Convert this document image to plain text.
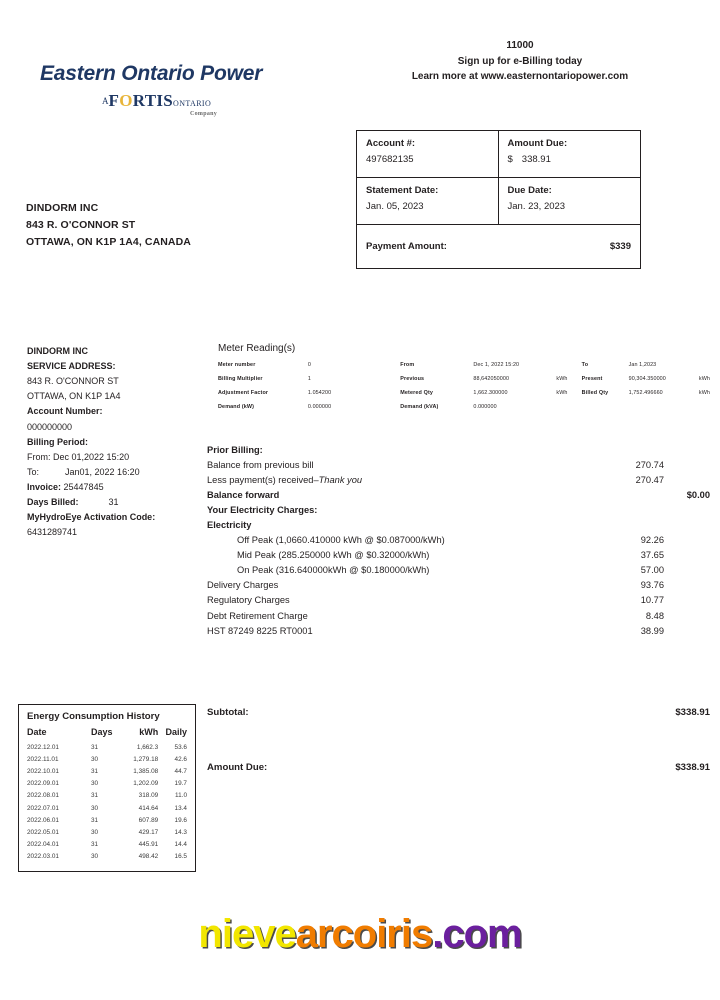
Eastern Ontario Power
AFORTISONTARIO
Company
11000
Sign up for e-Billing today
Learn more at www.easternontariopower.com
Account #:
497682135
Amount Due:
$ 338.91
Statement Date:
Jan. 05, 2023
Due Date:
Jan. 23, 2023
Payment Amount:	$339
DINDORM INC
843 R. O'CONNOR ST
OTTAWA, ON K1P 1A4, CANADA
DINDORM INC
SERVICE ADDRESS:
843 R. O'CONNOR ST
OTTAWA, ON K1P 1A4
Account Number:
000000000
Billing Period:
From: Dec 01,2022 15:20
To:	Jan01, 2022 16:20
Invoice: 25447845
Days Billed:	31
MyHydroEye Activation Code:
6431289741
Meter Reading(s)
Meter number	0	From	Dec 1, 2022 15:20		To	Jan 1,2023	
Billing Multiplier	1	Previous	88,642050000	kWh	Present	90,304.350000	kWh
Adjustment Factor	1.054200	Metered Qty	1,662.300000	kWh	Billed Qty	1,752.496660	kWh
Demand (kW)	0.000000	Demand (kVA)	0.000000				
Prior Billing:
Balance from previous bill	270.74
Less payment(s) received–Thank you	270.47
Balance forward	$0.00
Your Electricity Charges:
Electricity
Off Peak (1,0660.410000 kWh @ $0.087000/kWh)	92.26
Mid Peak (285.250000 kWh @ $0.32000/kWh)	37.65
On Peak (316.640000kWh @ $0.180000/kWh)	57.00
Delivery Charges	93.76
Regulatory Charges	10.77
Debt Retirement Charge	8.48
HST 87249 8225 RT0001	38.99
Energy Consumption History
Date	Days	kWh	Daily
2022.12.01	31	1,662.3	53.6
2022.11.01	30	1,279.18	42.6
2022.10.01	31	1,385.08	44.7
2022.09.01	30	1,202.09	19.7
2022.08.01	31	318.09	11.0
2022.07.01	30	414.64	13.4
2022.06.01	31	607.89	19.6
2022.05.01	30	429.17	14.3
2022.04.01	31	445.91	14.4
2022.03.01	30	498.42	16.5
Subtotal:	$338.91
Amount Due:	$338.91
nievearcoiris.com
